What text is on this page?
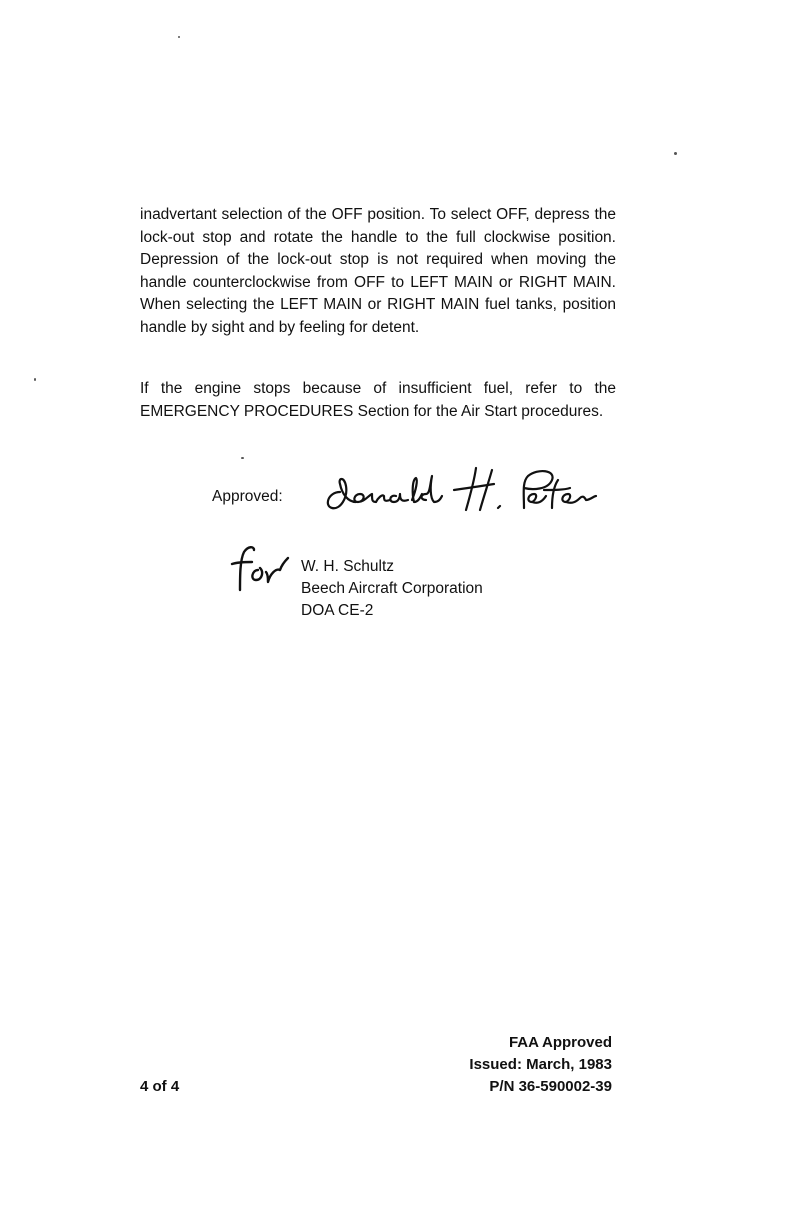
inadvertant selection of the OFF position. To select OFF, depress the lock-out stop and rotate the handle to the full clockwise position. Depression of the lock-out stop is not required when moving the handle counterclockwise from OFF to LEFT MAIN or RIGHT MAIN. When selecting the LEFT MAIN or RIGHT MAIN fuel tanks, position handle by sight and by feeling for detent.

If the engine stops because of insufficient fuel, refer to the EMERGENCY PROCEDURES Section for the Air Start procedures.

Approved:
W. H. Schultz
Beech Aircraft Corporation
DOA CE-2
FAA Approved
Issued: March, 1983
P/N 36-590002-39
4 of 4
